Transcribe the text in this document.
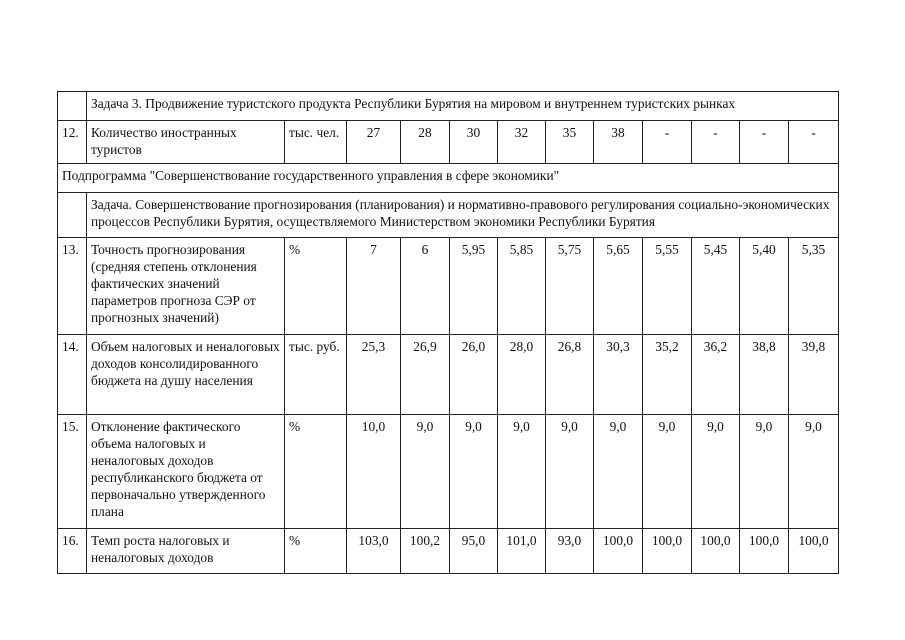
	Задача 3. Продвижение туристского продукта Республики Бурятия на мировом и внутреннем туристских рынках											
12.	Количество иностранных туристов	тыс. чел.	27	28	30	32	35	38	-	-	-	-
Подпрограмма "Совершенствование государственного управления в сфере экономики"												
	Задача. Совершенствование прогнозирования (планирования) и нормативно-правового регулирования социально-экономических процессов Республики Бурятия, осуществляемого Министерством экономики Республики Бурятия											
13.	Точность прогнозирования (средняя степень отклонения фактических значений параметров прогноза СЭР от прогнозных значений)	%	7	6	5,95	5,85	5,75	5,65	5,55	5,45	5,40	5,35
14.	Объем налоговых и неналоговых доходов консолидированного бюджета на душу населения	тыс. руб.	25,3	26,9	26,0	28,0	26,8	30,3	35,2	36,2	38,8	39,8
15.	Отклонение фактического объема налоговых и неналоговых доходов республиканского бюджета от первоначально утвержденного плана	%	10,0	9,0	9,0	9,0	9,0	9,0	9,0	9,0	9,0	9,0
16.	Темп роста налоговых и неналоговых доходов	%	103,0	100,2	95,0	101,0	93,0	100,0	100,0	100,0	100,0	100,0
